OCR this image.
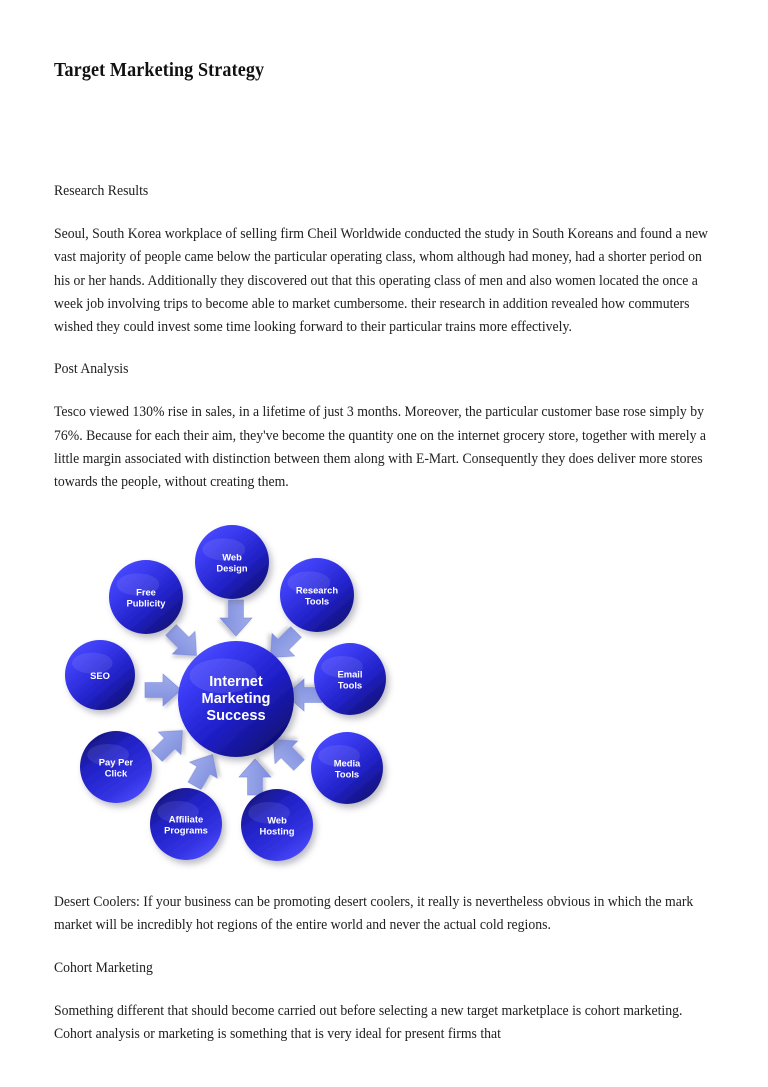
Target Marketing Strategy

Research Results

Seoul, South Korea workplace of selling firm Cheil Worldwide conducted the study in South Koreans and found a new vast majority of people came below the particular operating class, whom although had money, had a shorter period on his or her hands. Additionally they discovered out that this operating class of men and also women located the once a week job involving trips to become able to market cumbersome. their research in addition revealed how commuters wished they could invest some time looking forward to their particular trains more effectively.

Post Analysis

Tesco viewed 130% rise in sales, in a lifetime of just 3 months. Moreover, the particular customer base rose simply by 76%. Because for each their aim, they've become the quantity one on the internet grocery store, together with merely a little margin associated with distinction between them along with E-Mart. Consequently they does deliver more stores towards the people, without creating them.

Web Design
Research Tools
Email Tools
Media Tools
Web Hosting
Affiliate Programs
Pay Per Click
SEO
Free Publicity
Internet Marketing Success

Desert Coolers: If your business can be promoting desert coolers, it really is nevertheless obvious in which the mark market will be incredibly hot regions of the entire world and never the actual cold regions.

Cohort Marketing

Something different that should become carried out before selecting a new target marketplace is cohort marketing. Cohort analysis or marketing is something that is very ideal for present firms that
